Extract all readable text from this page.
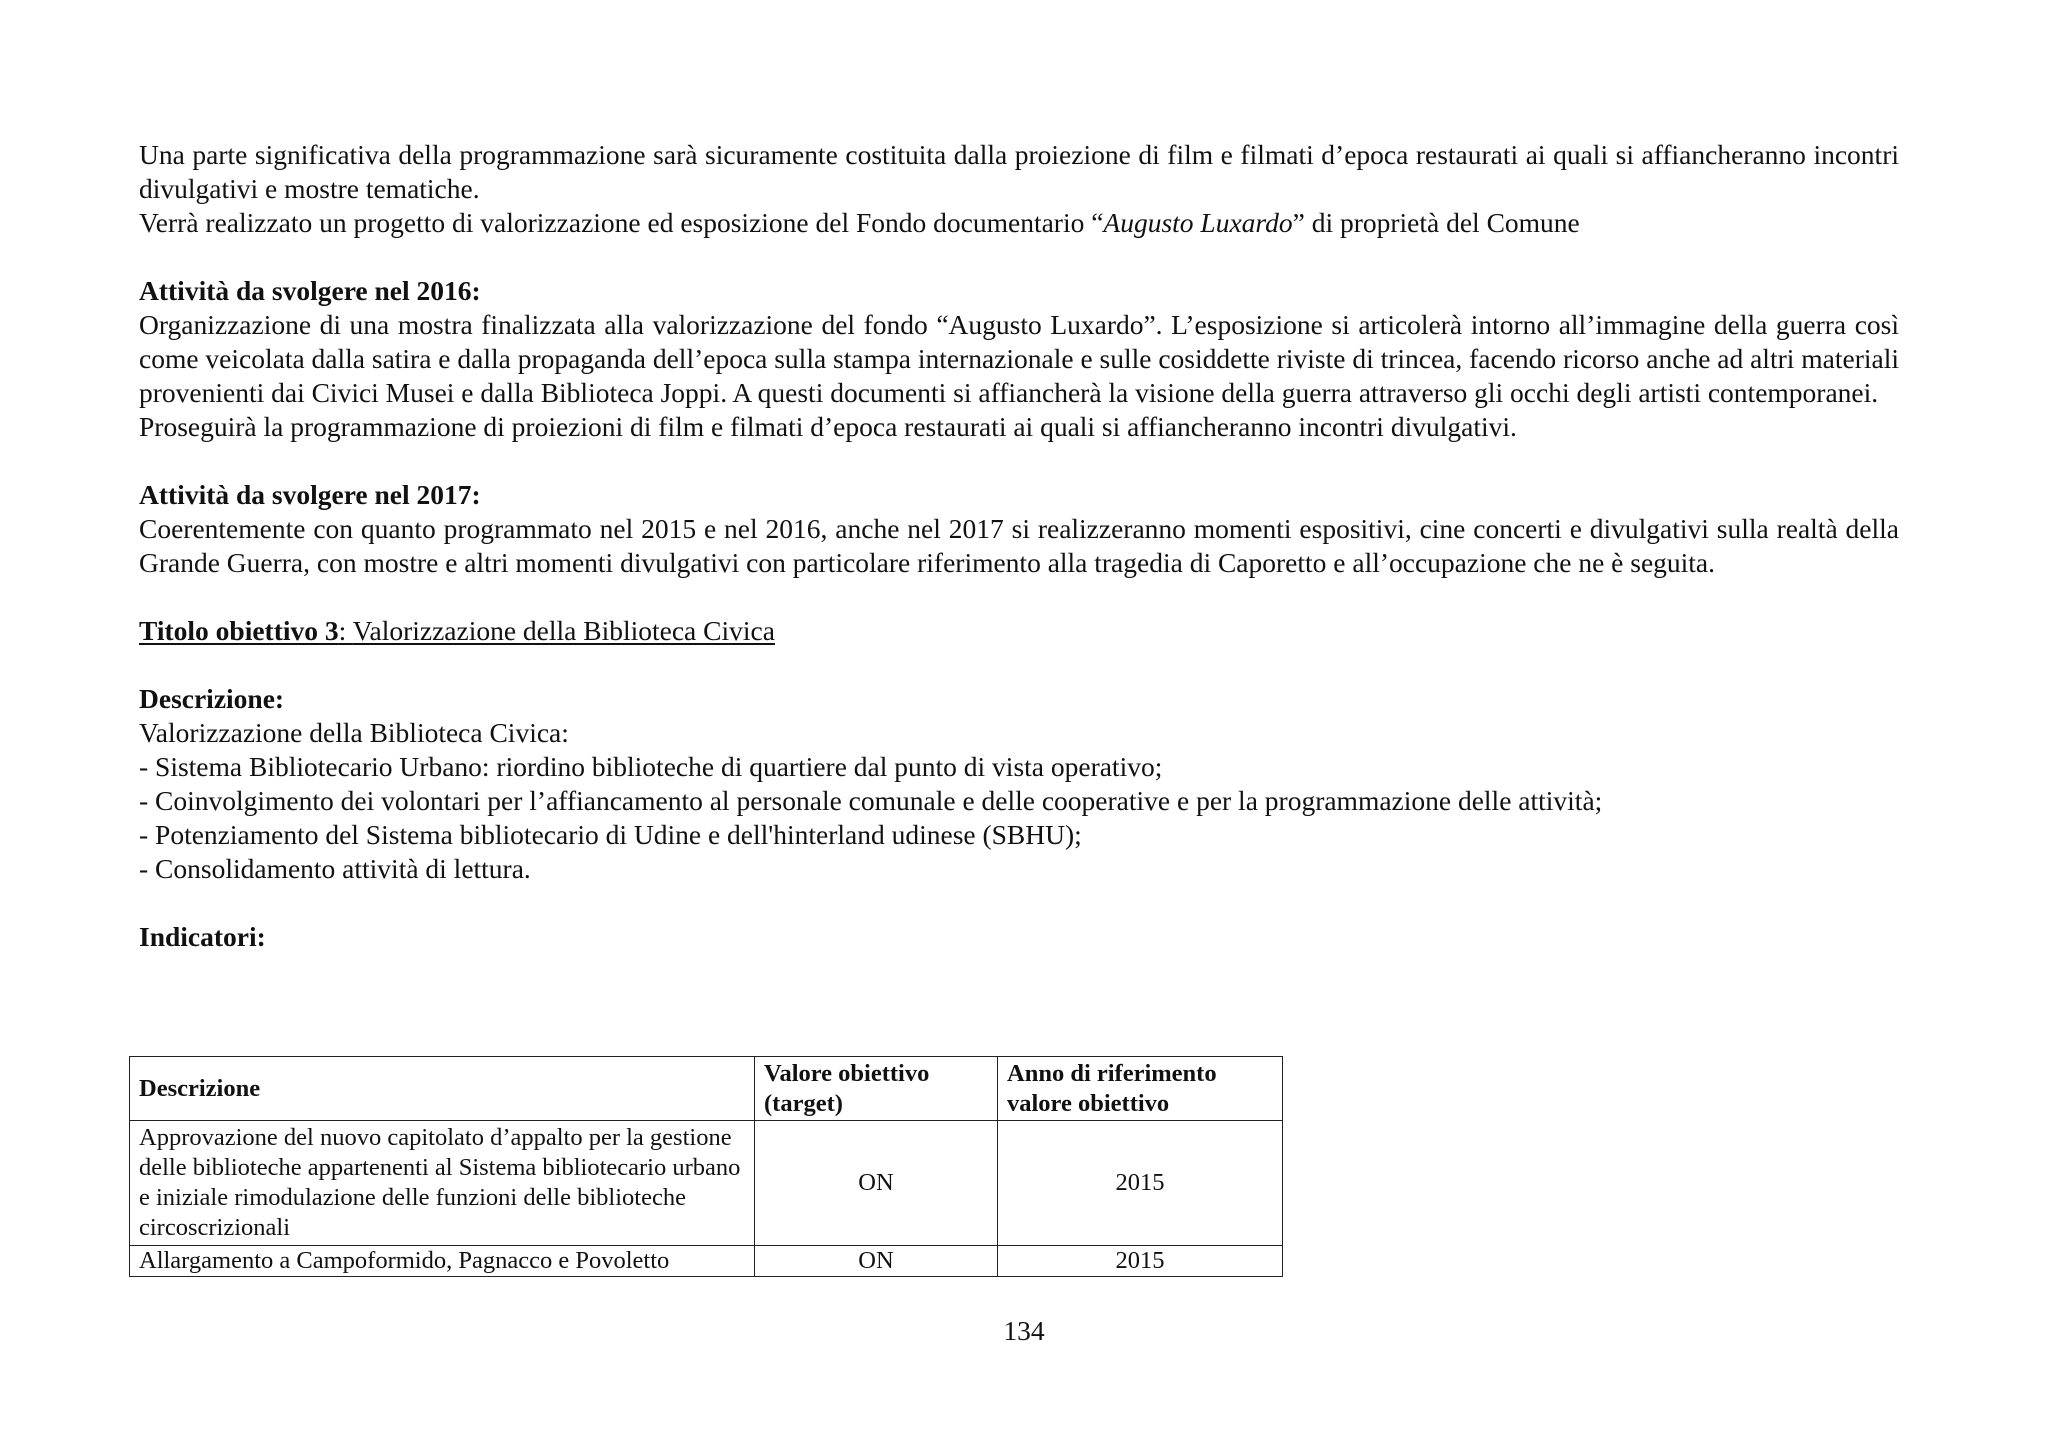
Una parte significativa della programmazione sarà sicuramente costituita dalla proiezione di film e filmati d’epoca restaurati ai quali si affiancheranno incontri divulgativi e mostre tematiche.

Verrà realizzato un progetto di valorizzazione ed esposizione del Fondo documentario “Augusto Luxardo” di proprietà del Comune

Attività da svolgere nel 2016:

Organizzazione di una mostra finalizzata alla valorizzazione del fondo “Augusto Luxardo”. L’esposizione si articolerà intorno all’immagine della guerra così come veicolata dalla satira e dalla propaganda dell’epoca sulla stampa internazionale e sulle cosiddette riviste di trincea, facendo ricorso anche ad altri materiali provenienti dai Civici Musei e dalla Biblioteca Joppi. A questi documenti si affiancherà la visione della guerra attraverso gli occhi degli artisti contemporanei.

Proseguirà la programmazione di proiezioni di film e filmati d’epoca restaurati ai quali si affiancheranno incontri divulgativi.

Attività da svolgere nel 2017:

Coerentemente con quanto programmato nel 2015 e nel 2016, anche nel 2017 si realizzeranno momenti espositivi, cine concerti e divulgativi sulla realtà della Grande Guerra, con mostre e altri momenti divulgativi con particolare riferimento alla tragedia di Caporetto e all’occupazione che ne è seguita.

Titolo obiettivo 3: Valorizzazione della Biblioteca Civica

Descrizione:

Valorizzazione della Biblioteca Civica:

- Sistema Bibliotecario Urbano: riordino biblioteche di quartiere dal punto di vista operativo;

- Coinvolgimento dei volontari per l’affiancamento al personale comunale e delle cooperative e per la programmazione delle attività;

- Potenziamento del Sistema bibliotecario di Udine e dell'hinterland udinese (SBHU);

- Consolidamento attività di lettura.

Indicatori:

Descrizione	Valore obiettivo (target)	Anno di riferimento valore obiettivo
Approvazione del nuovo capitolato d’appalto per la gestione delle biblioteche appartenenti al Sistema bibliotecario urbano e iniziale rimodulazione delle funzioni delle biblioteche circoscrizionali	ON	2015
Allargamento a Campoformido, Pagnacco e Povoletto	ON	2015
134
